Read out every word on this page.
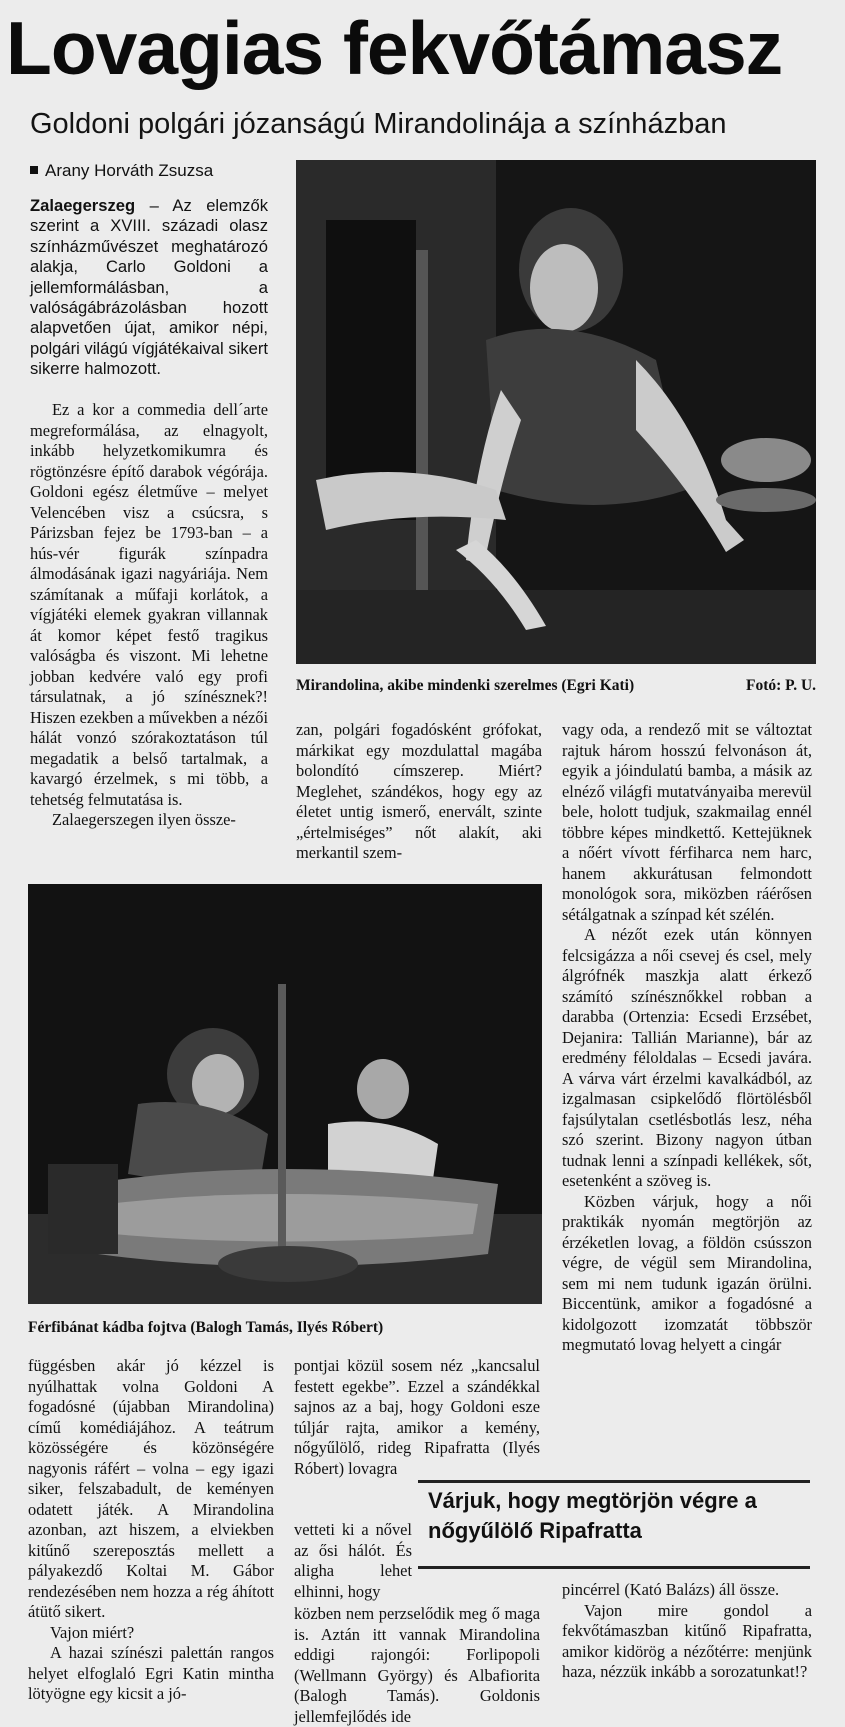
Lovagias fekvőtámasz
Goldoni polgári józanságú Mirandolinája a színházban
Arany Horváth Zsuzsa
Zalaegerszeg – Az elemzők szerint a XVIII. századi olasz színházművészet meghatározó alakja, Carlo Goldoni a jellemformálásban, a valóságábrázolásban hozott alapvetően újat, amikor népi, polgári világú vígjátékaival sikert sikerre halmozott.

Ez a kor a commedia dell´arte megreformálása, az elnagyolt, inkább helyzetkomikumra és rögtönzésre építő darabok végórája. Goldoni egész életműve – melyet Velencében visz a csúcsra, s Párizsban fejez be 1793-ban – a hús-vér figurák színpadra álmodásának igazi nagyáriája. Nem számítanak a műfaji korlátok, a vígjátéki elemek gyakran villannak át komor képet festő tragikus valóságba és viszont. Mi lehetne jobban kedvére való egy profi társulatnak, a jó színésznek?! Hiszen ezekben a művekben a nézői hálát vonzó szórakoztatáson túl megadatik a belső tartalmak, a kavargó érzelmek, s mi több, a tehetség felmutatása is.

Zalaegerszegen ilyen össze-

Mirandolina, akibe mindenki szerelmes (Egri Kati)	Fotó: P. U.

zan, polgári fogadósként grófokat, márkikat egy mozdulattal magába bolondító címszerep. Miért? Meglehet, szándékos, hogy egy az életet untig ismerő, enervált, szinte „értelmiséges” nőt alakít, aki merkantil szem-

vagy oda, a rendező mit se változtat rajtuk három hosszú felvonáson át, egyik a jóindulatú bamba, a másik az elnéző világfi mutatványaiba merevül bele, holott tudjuk, szakmailag ennél többre képes mindkettő. Kettejüknek a nőért vívott férfiharca nem harc, hanem akkurátusan felmondott monológok sora, miközben ráérősen sétálgatnak a színpad két szélén.

A nézőt ezek után könnyen felcsigázza a női csevej és csel, mely álgrófnék maszkja alatt érkező számító színésznőkkel robban a darabba (Ortenzia: Ecsedi Erzsébet, Dejanira: Tallián Marianne), bár az eredmény féloldalas – Ecsedi javára. A várva várt érzelmi kavalkádból, az izgalmasan csipkelődő flörtölésből fajsúlytalan csetlésbotlás lesz, néha szó szerint. Bizony nagyon útban tudnak lenni a színpadi kellékek, sőt, esetenként a szöveg is.

Közben várjuk, hogy a női praktikák nyomán megtörjön az érzéketlen lovag, a földön csússzon végre, de végül sem Mirandolina, sem mi nem tudunk igazán örülni. Biccentünk, amikor a fogadósné a kidolgozott izomzatát többször megmutató lovag helyett a cingár

Férfibánat kádba fojtva (Balogh Tamás, Ilyés Róbert)

függésben akár jó kézzel is nyúlhattak volna Goldoni A fogadósné (újabban Mirandolina) című komédiájához. A teátrum közösségére és közönségére nagyonis ráfért – volna – egy igazi siker, felszabadult, de keményen odatett játék. A Mirandolina azonban, azt hiszem, a elviekben kitűnő szereposztás mellett a pályakezdő Koltai M. Gábor rendezésében nem hozza a rég áhított átütő sikert.

Vajon miért?

A hazai színészi palettán rangos helyet elfoglaló Egri Katin mintha lötyögne egy kicsit a jó-

pontjai közül sosem néz „kancsalul festett egekbe”. Ezzel a szándékkal sajnos az a baj, hogy Goldoni esze túljár rajta, amikor a kemény, nőgyűlölő, rideg Ripafratta (Ilyés Róbert) lovagra

vetteti ki a nővel az ősi hálót. És aligha lehet elhinni, hogy

közben nem perzselődik meg ő maga is. Aztán itt vannak Mirandolina eddigi rajongói: Forlipopoli (Wellmann György) és Albafiorita (Balogh Tamás). Goldonis jellemfejlődés ide

Várjuk, hogy megtörjön végre a nőgyűlölő Ripafratta

pincérrel (Kató Balázs) áll össze.

Vajon mire gondol a fekvőtámaszban kitűnő Ripafratta, amikor kidörög a nézőtérre: menjünk haza, nézzük inkább a sorozatunkat!?
